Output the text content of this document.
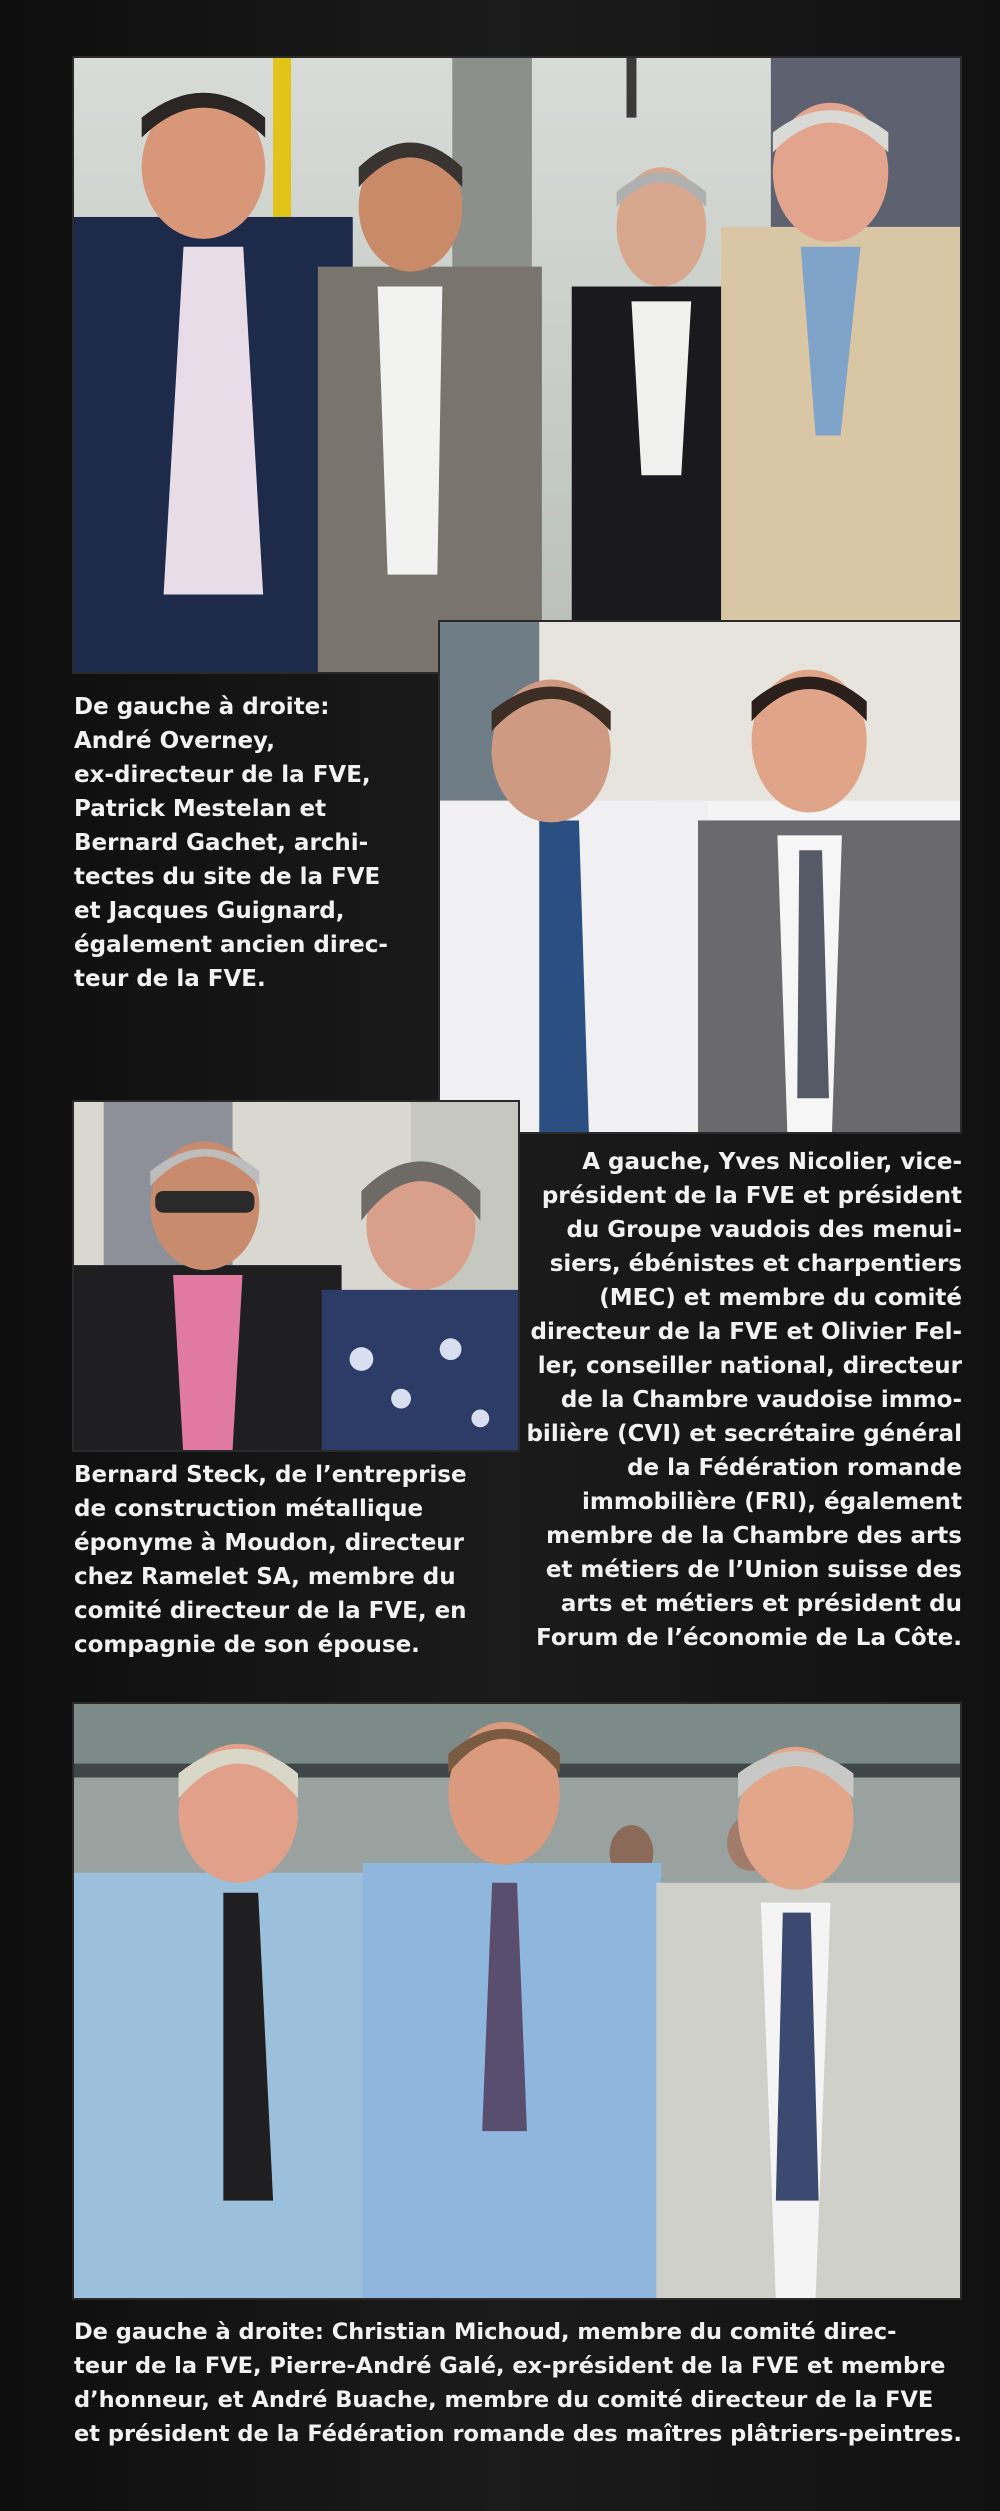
De gauche à droite:
André Overney,
ex-directeur de la FVE,
Patrick Mestelan et
Bernard Gachet, archi-
tectes du site de la FVE
et Jacques Guignard,
également ancien direc-
teur de la FVE.
A gauche, Yves Nicolier, vice-
président de la FVE et président
du Groupe vaudois des menui-
siers, ébénistes et charpentiers
(MEC) et membre du comité
directeur de la FVE et Olivier Fel-
ler, conseiller national, directeur
de la Chambre vaudoise immo-
bilière (CVI) et secrétaire général
de la Fédération romande
immobilière (FRI), également
membre de la Chambre des arts
et métiers de l’Union suisse des
arts et métiers et président du
Forum de l’économie de La Côte.
Bernard Steck, de l’entreprise
de construction métallique
éponyme à Moudon, directeur
chez Ramelet SA, membre du
comité directeur de la FVE, en
compagnie de son épouse.
De gauche à droite: Christian Michoud, membre du comité direc-
teur de la FVE, Pierre-André Galé, ex-président de la FVE et membre
d’honneur, et André Buache, membre du comité directeur de la FVE
et président de la Fédération romande des maîtres plâtriers-peintres.
